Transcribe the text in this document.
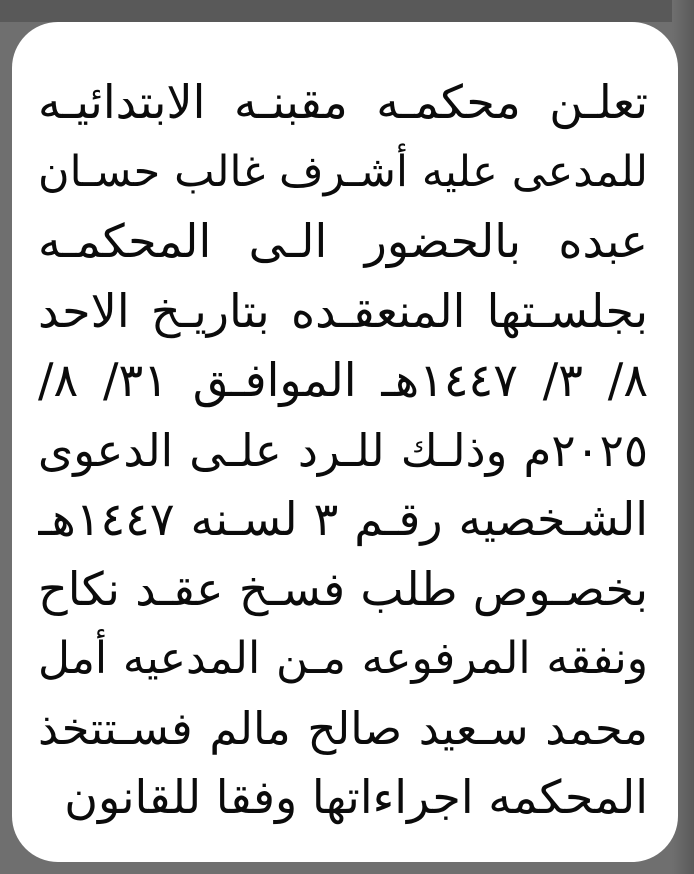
تعلـن محكمـه مقبنـه الابتدائيـه
للمدعى عليه أشـرف غالب حسـان
عبده بالحضور الـى المحكمـه
بجلسـتها المنعقـده بتاريـخ الاحد
٨/ ٣/ ١٤٤٧هـ الموافـق ٣١/ ٨/
٢٠٢٥م وذلـك للـرد علـى الدعوى
الشـخصيه رقـم ٣ لسـنه ١٤٤٧هـ
بخصـوص طلب فسـخ عقـد نكاح
ونفقه المرفوعه مـن المدعيه أمل
محمد سـعيد صالح مالم فسـتتخذ
المحكمه اجراءاتها وفقا للقانون
